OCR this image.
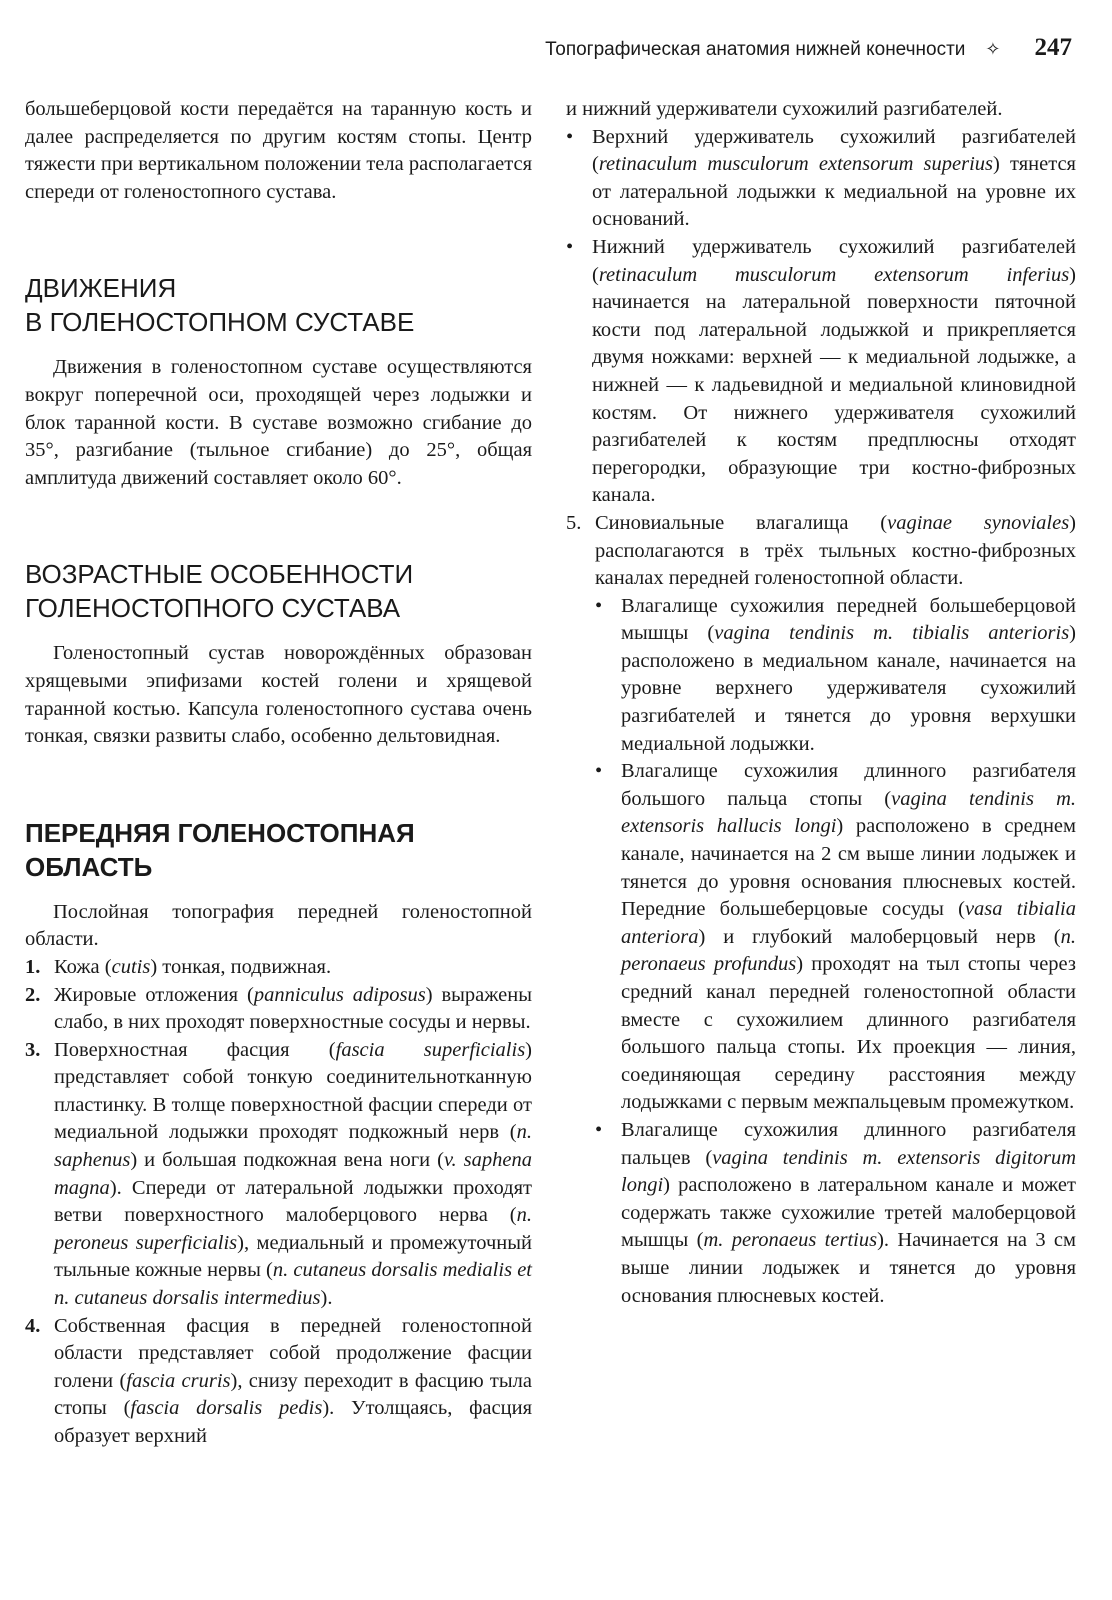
Топографическая анатомия нижней конечности ✧ 247

большеберцовой кости передаётся на таранную кость и далее распределяется по другим костям стопы. Центр тяжести при вертикальном положении тела располагается спереди от голеностопного сустава.

ДВИЖЕНИЯ
В ГОЛЕНОСТОПНОМ СУСТАВЕ

Движения в голеностопном суставе осуществляются вокруг поперечной оси, проходящей через лодыжки и блок таранной кости. В суставе возможно сгибание до 35°, разгибание (тыльное сгибание) до 25°, общая амплитуда движений составляет около 60°.

ВОЗРАСТНЫЕ ОСОБЕННОСТИ
ГОЛЕНОСТОПНОГО СУСТАВА

Голеностопный сустав новорождённых образован хрящевыми эпифизами костей голени и хрящевой таранной костью. Капсула голеностопного сустава очень тонкая, связки развиты слабо, особенно дельтовидная.

ПЕРЕДНЯЯ ГОЛЕНОСТОПНАЯ
ОБЛАСТЬ

Послойная топография передней голеностопной области.

1. Кожа (cutis) тонкая, подвижная.
2. Жировые отложения (panniculus adiposus) выражены слабо, в них проходят поверхностные сосуды и нервы.
3. Поверхностная фасция (fascia superficialis) представляет собой тонкую соединительнотканную пластинку. В толще поверхностной фасции спереди от медиальной лодыжки проходят подкожный нерв (n. saphenus) и большая подкожная вена ноги (v. saphena magna). Спереди от латеральной лодыжки проходят ветви поверхностного малоберцового нерва (n. peroneus superficialis), медиальный и промежуточный тыльные кожные нервы (n. cutaneus dorsalis medialis et n. cutaneus dorsalis intermedius).
4. Собственная фасция в передней голеностопной области представляет собой продолжение фасции голени (fascia cruris), снизу переходит в фасцию тыла стопы (fascia dorsalis pedis). Утолщаясь, фасция образует верхний

и нижний удерживатели сухожилий разгибателей.

• Верхний удерживатель сухожилий разгибателей (retinaculum musculorum extensorum superius) тянется от латеральной лодыжки к медиальной на уровне их оснований.
• Нижний удерживатель сухожилий разгибателей (retinaculum musculorum extensorum inferius) начинается на латеральной поверхности пяточной кости под латеральной лодыжкой и прикрепляется двумя ножками: верхней — к медиальной лодыжке, а нижней — к ладьевидной и медиальной клиновидной костям. От нижнего удерживателя сухожилий разгибателей к костям предплюсны отходят перегородки, образующие три костно-фиброзных канала.
5. Синовиальные влагалища (vaginae synoviales) располагаются в трёх тыльных костно-фиброзных каналах передней голеностопной области.
• Влагалище сухожилия передней большеберцовой мышцы (vagina tendinis m. tibialis anterioris) расположено в медиальном канале, начинается на уровне верхнего удерживателя сухожилий разгибателей и тянется до уровня верхушки медиальной лодыжки.
• Влагалище сухожилия длинного разгибателя большого пальца стопы (vagina tendinis m. extensoris hallucis longi) расположено в среднем канале, начинается на 2 см выше линии лодыжек и тянется до уровня основания плюсневых костей. Передние большеберцовые сосуды (vasa tibialia anteriora) и глубокий малоберцовый нерв (n. peronaeus profundus) проходят на тыл стопы через средний канал передней голеностопной области вместе с сухожилием длинного разгибателя большого пальца стопы. Их проекция — линия, соединяющая середину расстояния между лодыжками с первым межпальцевым промежутком.
• Влагалище сухожилия длинного разгибателя пальцев (vagina tendinis m. extensoris digitorum longi) расположено в латеральном канале и может содержать также сухожилие третей малоберцовой мышцы (m. peronaeus tertius). Начинается на 3 см выше линии лодыжек и тянется до уровня основания плюсневых костей.
